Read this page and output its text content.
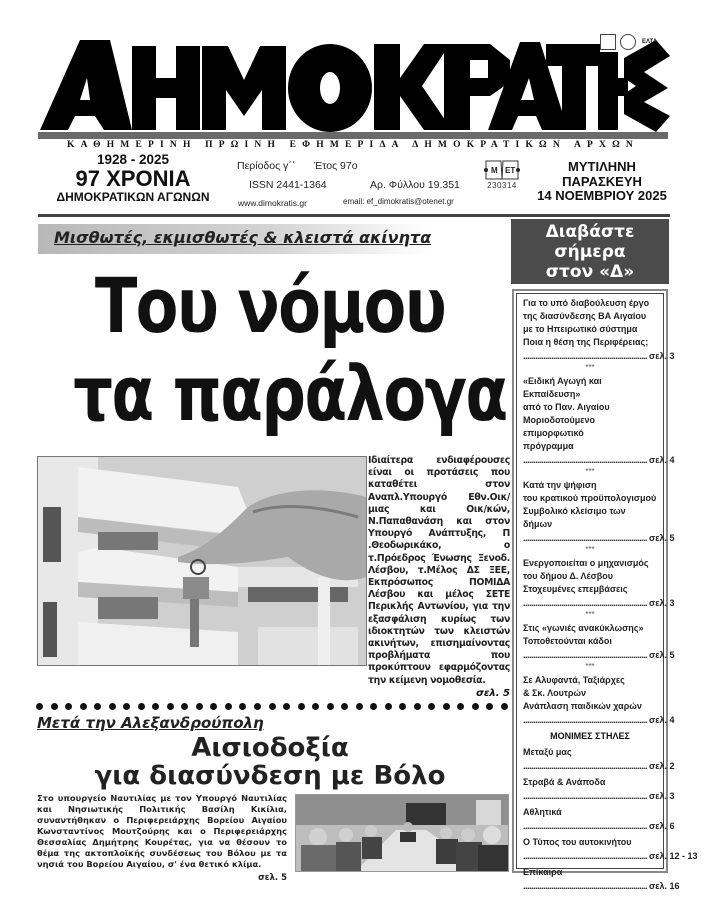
ΕΛΤΑ
ΚΑΘΗΜΕΡΙΝΗ ΠΡΩΙΝΗ ΕΦΗΜΕΡΙΔΑ ΔΗΜΟΚΡΑΤΙΚΩΝ ΑΡΧΩΝ
1928 - 2025
97 ΧΡΟΝΙΑ
ΔΗΜΟΚΡΑΤΙΚΩΝ ΑΓΩΝΩΝ
Περίοδος γ΄΄ Έτος 97ο
ISSN 2441-1364	Αρ. Φύλλου 19.351
www.dimokratis.gr	email: ef_dimokratis@otenet.gr
Μ ΕΤ
230314
ΜΥΤΙΛΗΝΗ
ΠΑΡΑΣΚΕΥΗ
14 ΝΟΕΜΒΡΙΟΥ 2025
Μισθωτές, εκμισθωτές & κλειστά ακίνητα
Του νόμου
τα παράλογα
Ιδιαίτερα ενδιαφέρουσες είναι οι προτάσεις που καταθέτει στον Αναπλ.Υπουργό Εθν.Οικ/μιας και Οικ/κών, Ν.Παπαθανάση και στον Υπουργό Ανάπτυξης, Π .Θεοδωρικάκο, ο τ.Πρόεδρος Ένωσης Ξενοδ. Λέσβου, τ.Μέλος ΔΣ ΞΕΕ, Εκπρόσωπος ΠΟΜΙΔΑ Λέσβου και μέλος ΣΕΤΕ Περικλής Αντωνίου, για την εξασφάλιση κυρίως των ιδιοκτητών των κλειστών ακινήτων, επισημαίνοντας προβλήματα που προκύπτουν εφαρμόζοντας την κείμενη νομοθεσία.
σελ. 5
Μετά την Αλεξανδρούπολη
Αισιοδοξία
για διασύνδεση με Βόλο
Στο υπουργείο Ναυτιλίας με τον Υπουργό Ναυτιλίας και Νησιωτικής Πολιτικής Βασίλη Κικίλια, συναντήθηκαν ο Περιφερειάρχης Βορείου Αιγαίου Κωνσταντίνος Μουτζούρης και ο Περιφερειάρχης Θεσσαλίας Δημήτρης Κουρέτας, για να θέσουν το θέμα της ακτοπλοϊκής συνδέσεως του Βόλου με τα νησιά του Βορείου Αιγαίου, σ' ένα θετικό κλίμα.
σελ. 5
Διαβάστε
σήμερα
στον «Δ»
Για το υπό διαβούλευση έργο
της διασύνδεσης ΒΑ Αιγαίου
με το Ηπειρωτικό σύστημα
Ποια η θέση της Περιφέρειας;
.............................................................. σελ. 3
***
«Ειδική Αγωγή και Εκπαίδευση»
από το Παν. Αιγαίου
Μοριοδοτούμενο επιμορφωτικό
πρόγραμμα
.............................................................. σελ. 4
***
Κατά την ψήφιση
του κρατικού προϋπολογισμού
Συμβολικό κλείσιμο των δήμων
.............................................................. σελ. 5
***
Ενεργοποιείται ο μηχανισμός
του δήμου Δ. Λέσβου
Στοχευμένες επεμβάσεις
.............................................................. σελ. 3
***
Στις «γωνιές ανακύκλωσης»
Τοποθετούνται κάδοι
.............................................................. σελ. 5
***
Σε Αλυφαντά, Ταξιάρχες
& Σκ. Λουτρών
Ανάπλαση παιδικών χαρών
.............................................................. σελ. 4
ΜΟΝΙΜΕΣ ΣΤΗΛΕΣ
Μεταξύ μας
.............................................................. σελ. 2
Στραβά & Ανάποδα
.............................................................. σελ. 3
Αθλητικά
.............................................................. σελ. 6
Ο Τύπος του αυτοκινήτου
.............................................................. σελ. 12 - 13
Επίκαιρα
.............................................................. σελ. 16
